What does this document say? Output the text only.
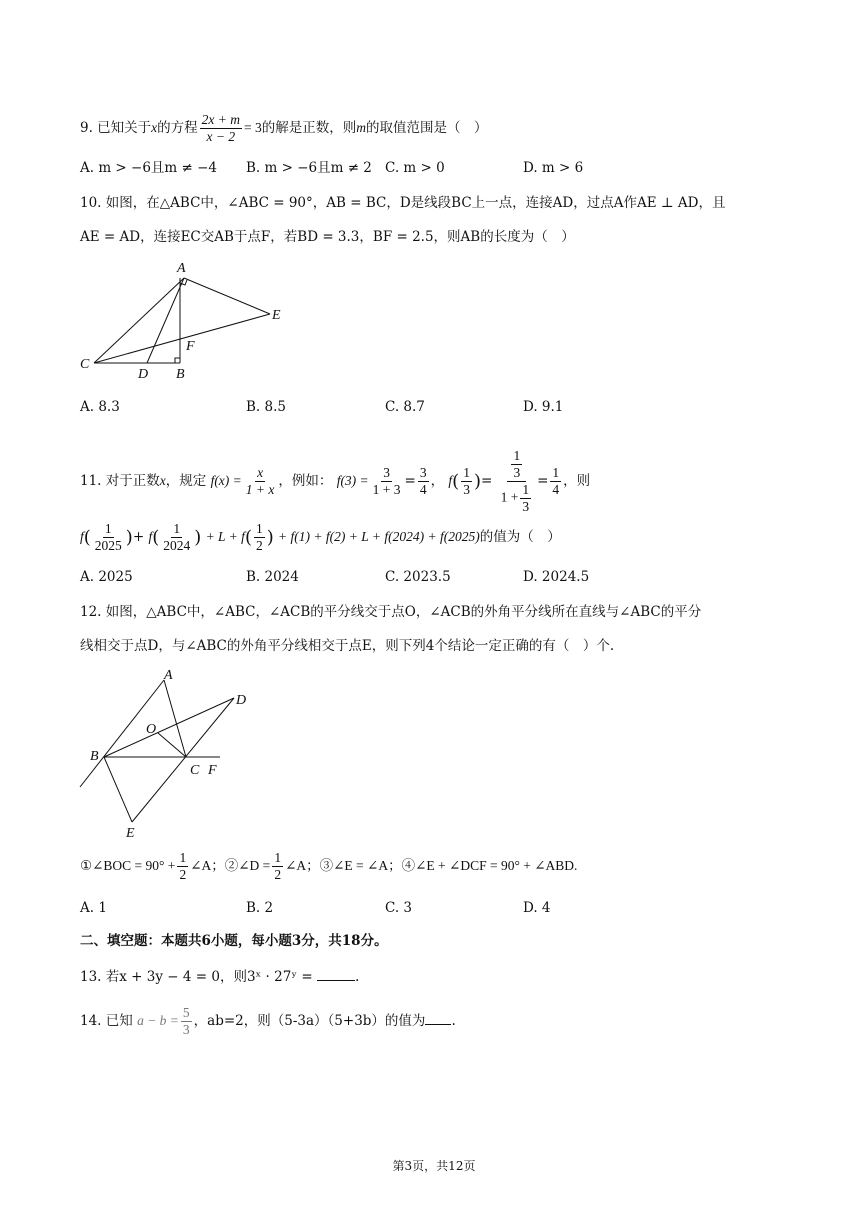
9. 已知关于x的方程 $\frac{2x + m}{x - 2} = 3$的解是正数，则m的取值范围是（　）
A. m > −6且m ≠ −4 B. m > −6且m ≠ 2 C. m > 0	D. m > 6
10. 如图，在△ABC中，∠ABC = 90°，AB = BC，D是线段BC上一点，连接AD，过点A作AE ⊥ AD，且
AE = AD，连接EC交AB于点F，若BD = 3.3，BF = 2.5，则AB的长度为（　）
A
E
F
C
D B
A. 8.3	B. 8.5	C. 8.7	D. 9.1
11. 对于正数x，规定 $f(x) = \frac{x}{1 + x}$ ，例如： $f(3) = \frac{3}{1 + 3} = \frac{3}{4}$ ， $f( \frac{1}{3}$ )= $\frac{\frac{1}{3}}{1 + \frac{1}{3}} = \frac{1}{4}$ ，则
$f( \frac{1}{2025}$ )+ $f( \frac{1}{2024}$ ) + $L + f( \frac{1}{2}$ ) + f(1) + f(2) + L + f(2024) + f(2025)的值为（　）
A. 2025	B. 2024	C. 2023.5	D. 2024.5
12. 如图，△ABC中，∠ABC，∠ACB的平分线交于点O，∠ACB的外角平分线所在直线与∠ABC的平分
线相交于点D，与∠ABC的外角平分线相交于点E，则下列4个结论一定正确的有（　）个.
A
D
O
B
C F
E
①∠BOC = $90^\circ + \frac{1}{2}$ ∠A；②∠D = $\frac{1}{2}$ ∠A；③∠E = ∠A；④∠E + ∠DCF = 90° + ∠ABD.
A. 1	B. 2	C. 3	D. 4
二、填空题：本题共6小题，每小题3分，共18分。
13. 若x + 3y − 4 = 0，则3ˣ · 27ʸ =	.
14. 已知 $a - b = \frac{5}{3}$ ，ab=2，则（5-3a）（5+3b）的值为 .
第3页，共12页
